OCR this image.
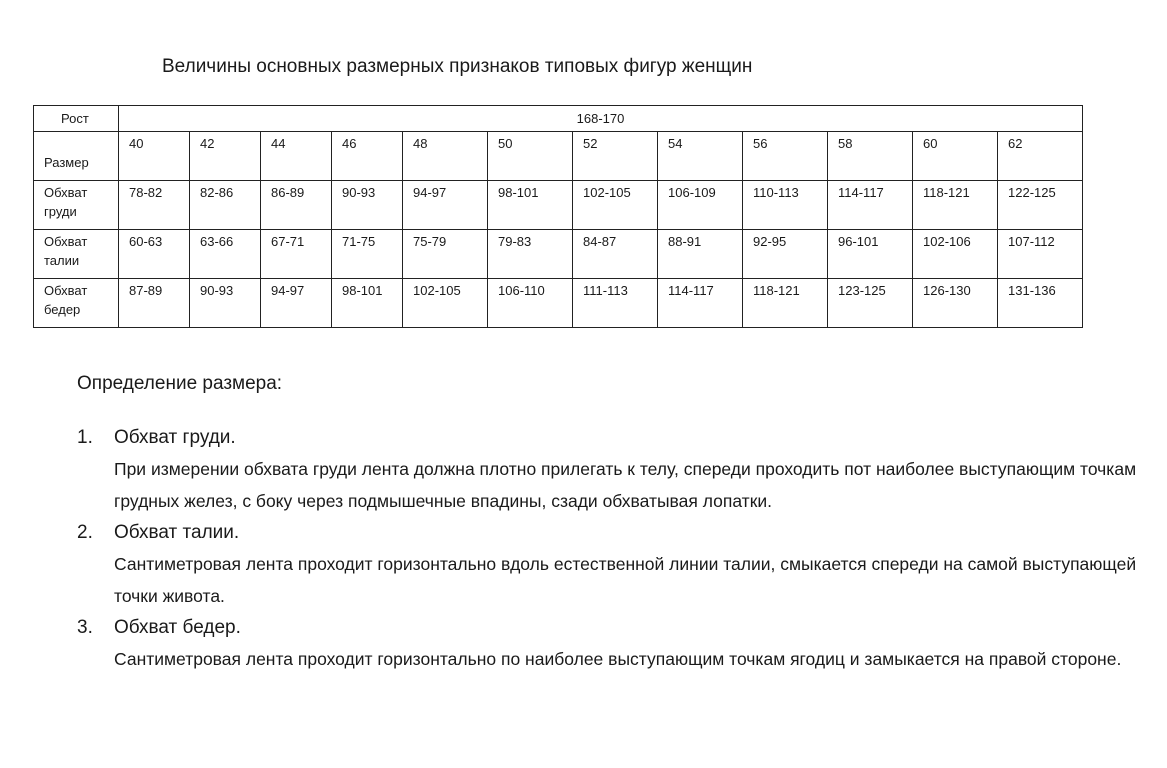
Величины основных размерных признаков типовых фигур женщин
Рост	168-170											

Размер	40	42	44	46	48	50	52	54	56	58	60	62

Обхват
груди	78-82	82-86	86-89	90-93	94-97	98-101	102-105	106-109	110-113	114-117	118-121	122-125

Обхват
талии	60-63	63-66	67-71	71-75	75-79	79-83	84-87	88-91	92-95	96-101	102-106	107-112

Обхват
бедер	87-89	90-93	94-97	98-101	102-105	106-110	111-113	114-117	118-121	123-125	126-130	131-136
Определение размера:
1. Обхват груди.
При измерении обхвата груди лента должна плотно прилегать к телу, спереди проходить пот наиболее выступающим точкам грудных желез, с боку через подмышечные впадины, сзади обхватывая лопатки.
2. Обхват талии.
Сантиметровая лента проходит горизонтально вдоль естественной линии талии, смыкается спереди на самой выступающей точки живота.
3. Обхват бедер.
Сантиметровая лента проходит горизонтально по наиболее выступающим точкам ягодиц и замыкается на правой стороне.
